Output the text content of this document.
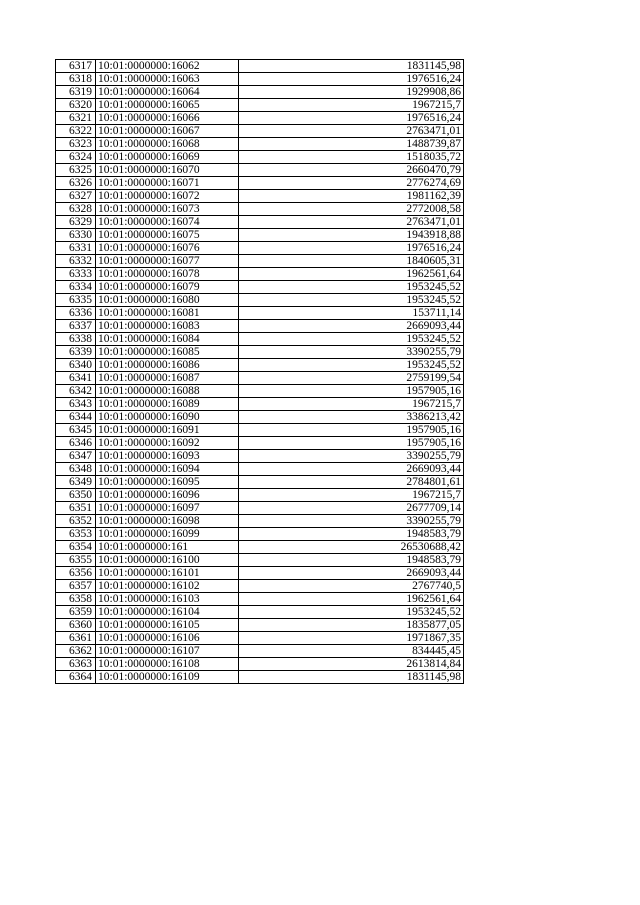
6317	10:01:0000000:16062	1831145,98
6318	10:01:0000000:16063	1976516,24
6319	10:01:0000000:16064	1929908,86
6320	10:01:0000000:16065	1967215,7
6321	10:01:0000000:16066	1976516,24
6322	10:01:0000000:16067	2763471,01
6323	10:01:0000000:16068	1488739,87
6324	10:01:0000000:16069	1518035,72
6325	10:01:0000000:16070	2660470,79
6326	10:01:0000000:16071	2776274,69
6327	10:01:0000000:16072	1981162,39
6328	10:01:0000000:16073	2772008,58
6329	10:01:0000000:16074	2763471,01
6330	10:01:0000000:16075	1943918,88
6331	10:01:0000000:16076	1976516,24
6332	10:01:0000000:16077	1840605,31
6333	10:01:0000000:16078	1962561,64
6334	10:01:0000000:16079	1953245,52
6335	10:01:0000000:16080	1953245,52
6336	10:01:0000000:16081	153711,14
6337	10:01:0000000:16083	2669093,44
6338	10:01:0000000:16084	1953245,52
6339	10:01:0000000:16085	3390255,79
6340	10:01:0000000:16086	1953245,52
6341	10:01:0000000:16087	2759199,54
6342	10:01:0000000:16088	1957905,16
6343	10:01:0000000:16089	1967215,7
6344	10:01:0000000:16090	3386213,42
6345	10:01:0000000:16091	1957905,16
6346	10:01:0000000:16092	1957905,16
6347	10:01:0000000:16093	3390255,79
6348	10:01:0000000:16094	2669093,44
6349	10:01:0000000:16095	2784801,61
6350	10:01:0000000:16096	1967215,7
6351	10:01:0000000:16097	2677709,14
6352	10:01:0000000:16098	3390255,79
6353	10:01:0000000:16099	1948583,79
6354	10:01:0000000:161	26530688,42
6355	10:01:0000000:16100	1948583,79
6356	10:01:0000000:16101	2669093,44
6357	10:01:0000000:16102	2767740,5
6358	10:01:0000000:16103	1962561,64
6359	10:01:0000000:16104	1953245,52
6360	10:01:0000000:16105	1835877,05
6361	10:01:0000000:16106	1971867,35
6362	10:01:0000000:16107	834445,45
6363	10:01:0000000:16108	2613814,84
6364	10:01:0000000:16109	1831145,98
